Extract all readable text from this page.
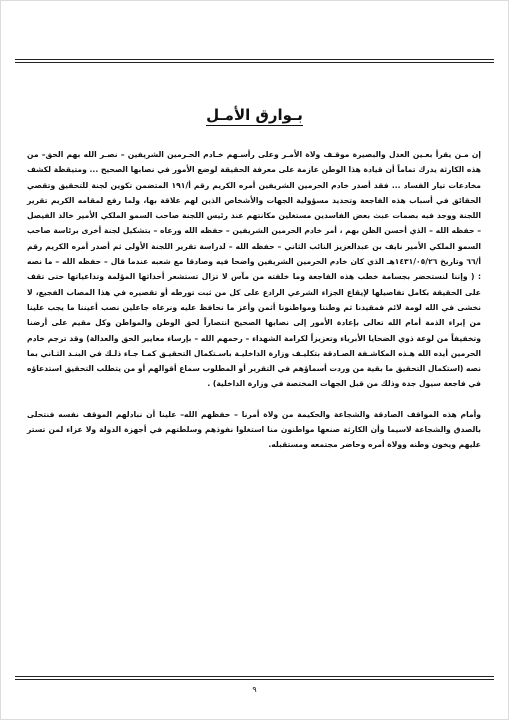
بـوارق الأمـل

إن مـن يقرأ بعـين العدل والبصيرة موقـف ولاة الأمـر وعلى رأسـهم خـادم الحـرمين الشريفين – نصـر الله بهم الحق– من هذه الكارثة يدرك تماماً أن قيادة هذا الوطن عازمة على معرفة الحقيقة لوضع الأمور في نصابها الصحيح ... ومتيقظة لكشف مخادعات تيار الفساد ... فقد أصدر خادم الحرمين الشريفين أمره الكريم رقم أ/١٩١ المتضمن تكوين لجنة للتحقيق وتقصي الحقائق في أسباب هذه الفاجعة وتحديد مسؤولية الجهات والأشخاص الذين لهم علاقة بها، ولما رفع لمقامه الكريم تقرير اللجنة ووجد فيه بصمات عبث بعض الفاسدين مستغلين مكانتهم عند رئيس اللجنة صاحب السمو الملكي الأمير خالد الفيصل – حفظه الله – الذي أحسن الظن بهم ، أمر خادم الحرمين الشريفين – حفظه الله ورعاه – بتشكيل لجنة أخرى برئاسة صاحب السمو الملكي الأمير نايف بن عبدالعزيز النائب الثاني – حفظه الله – لدراسة تقرير اللجنة الأولى ثم أصدر أمره الكريم رقم أ/٦٦ وتاريخ ١٤٣١/٠٥/٢٦هـ الذي كان خادم الحرمين الشريفين واضحا فيه وصادقا مع شعبه عندما قال – حفظه الله – ما نصه : ( وإننا لنستحضر بجسامة خطب هذه الفاجعة وما خلفته من مآس لا تزال تستشعر أحداثها المؤلمة وتداعياتها حتى تقف على الحقيقة بكامل تفاصيلها لإيقاع الجزاء الشرعي الرادع على كل من ثبت تورطه أو تقصيره في هذا المصاب الفجيع، لا نخشى في الله لومة لائم فمقيدنا ثم وطننا ومواطنونا أثمن وأعز ما نحافظ عليه ونرعاه جاعلين نصب أعيننا ما يجب علينا من إبراء الذمة أمام الله تعالى بإعادة الأمور إلى نصابها الصحيح انتصاراً لحق الوطن والمواطن وكل مقيم على أرضنا وتخفيفاً من لوعة ذوي الضحايا الأبرياء وتعزيزاً لكرامة الشهداء – رحمهم الله – بإرساء معايير الحق والعدالة) وقد ترجم خادم الحرمين أيده الله هـذه المكاشـفة الصـادقة بتكليـف وزارة الداخليـة باسـتكمال التحقيـق كمـا جـاء ذلـك في البنـد الثـاني بما نصه (استكمال التحقيق ما بقية من وردت أسماؤهم في التقرير أو المطلوب سماع أقوالهم أو من يتطلب التحقيق استدعاؤه في فاجعة سيول جدة وذلك من قبل الجهات المختصة في وزارة الداخلية) .

وأمام هذه المواقف الصادقة والشجاعة والحكيمة من ولاة أمرنا – حفظهم الله– علينا أن نبادلهم الموقف نفسه فنتحلى بالصدق والشجاعة لاسيما وأن الكارثة صنعها مواطنون منا استغلوا نفوذهم وسلطتهم في أجهزة الدولة ولا عزاء لمن تستر عليهم ويخون وطنه وولاة أمره وحاضر مجتمعه ومستقبله.

٩
